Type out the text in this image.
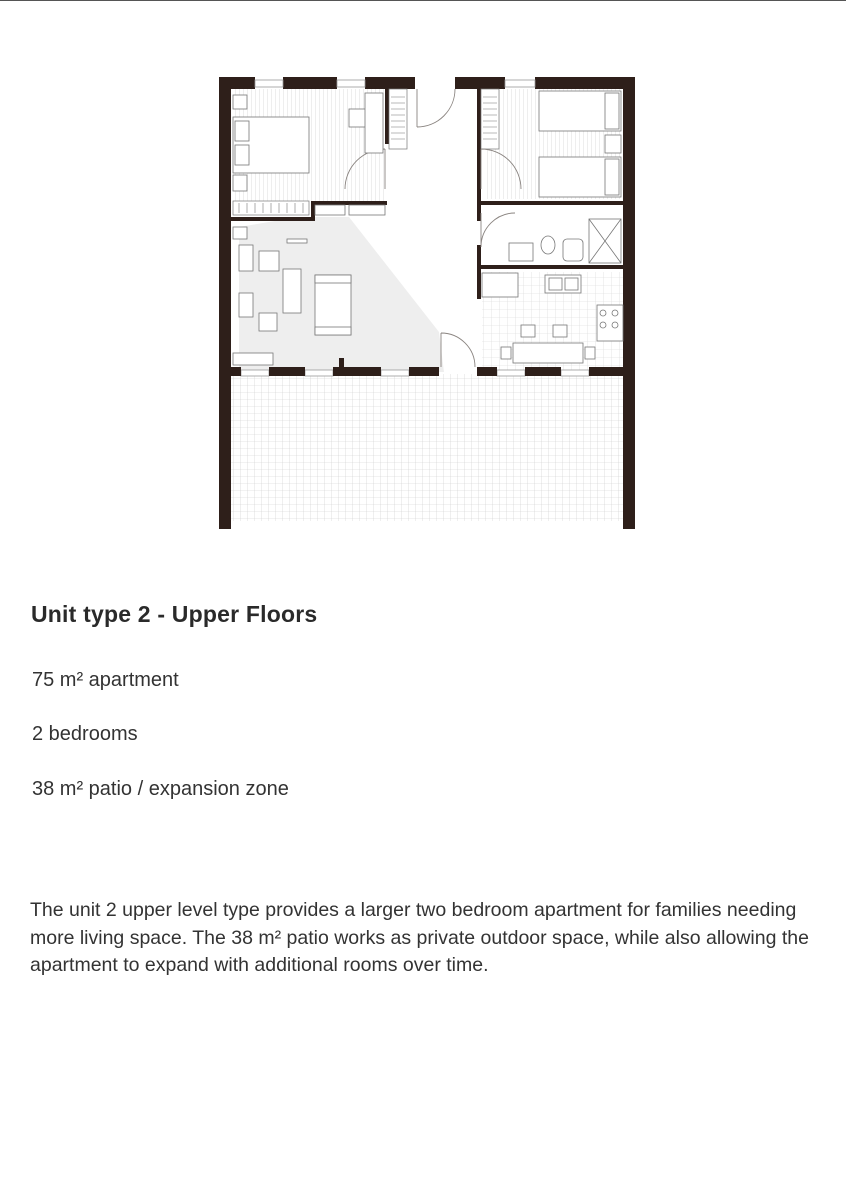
Unit type 2 - Upper Floors

75 m² apartment

2 bedrooms

38 m² patio / expansion zone

The unit 2 upper level type provides a larger two bedroom apartment for families needing more living space. The 38 m² patio works as private outdoor space, while also allowing the apartment to expand with additional rooms over time.
